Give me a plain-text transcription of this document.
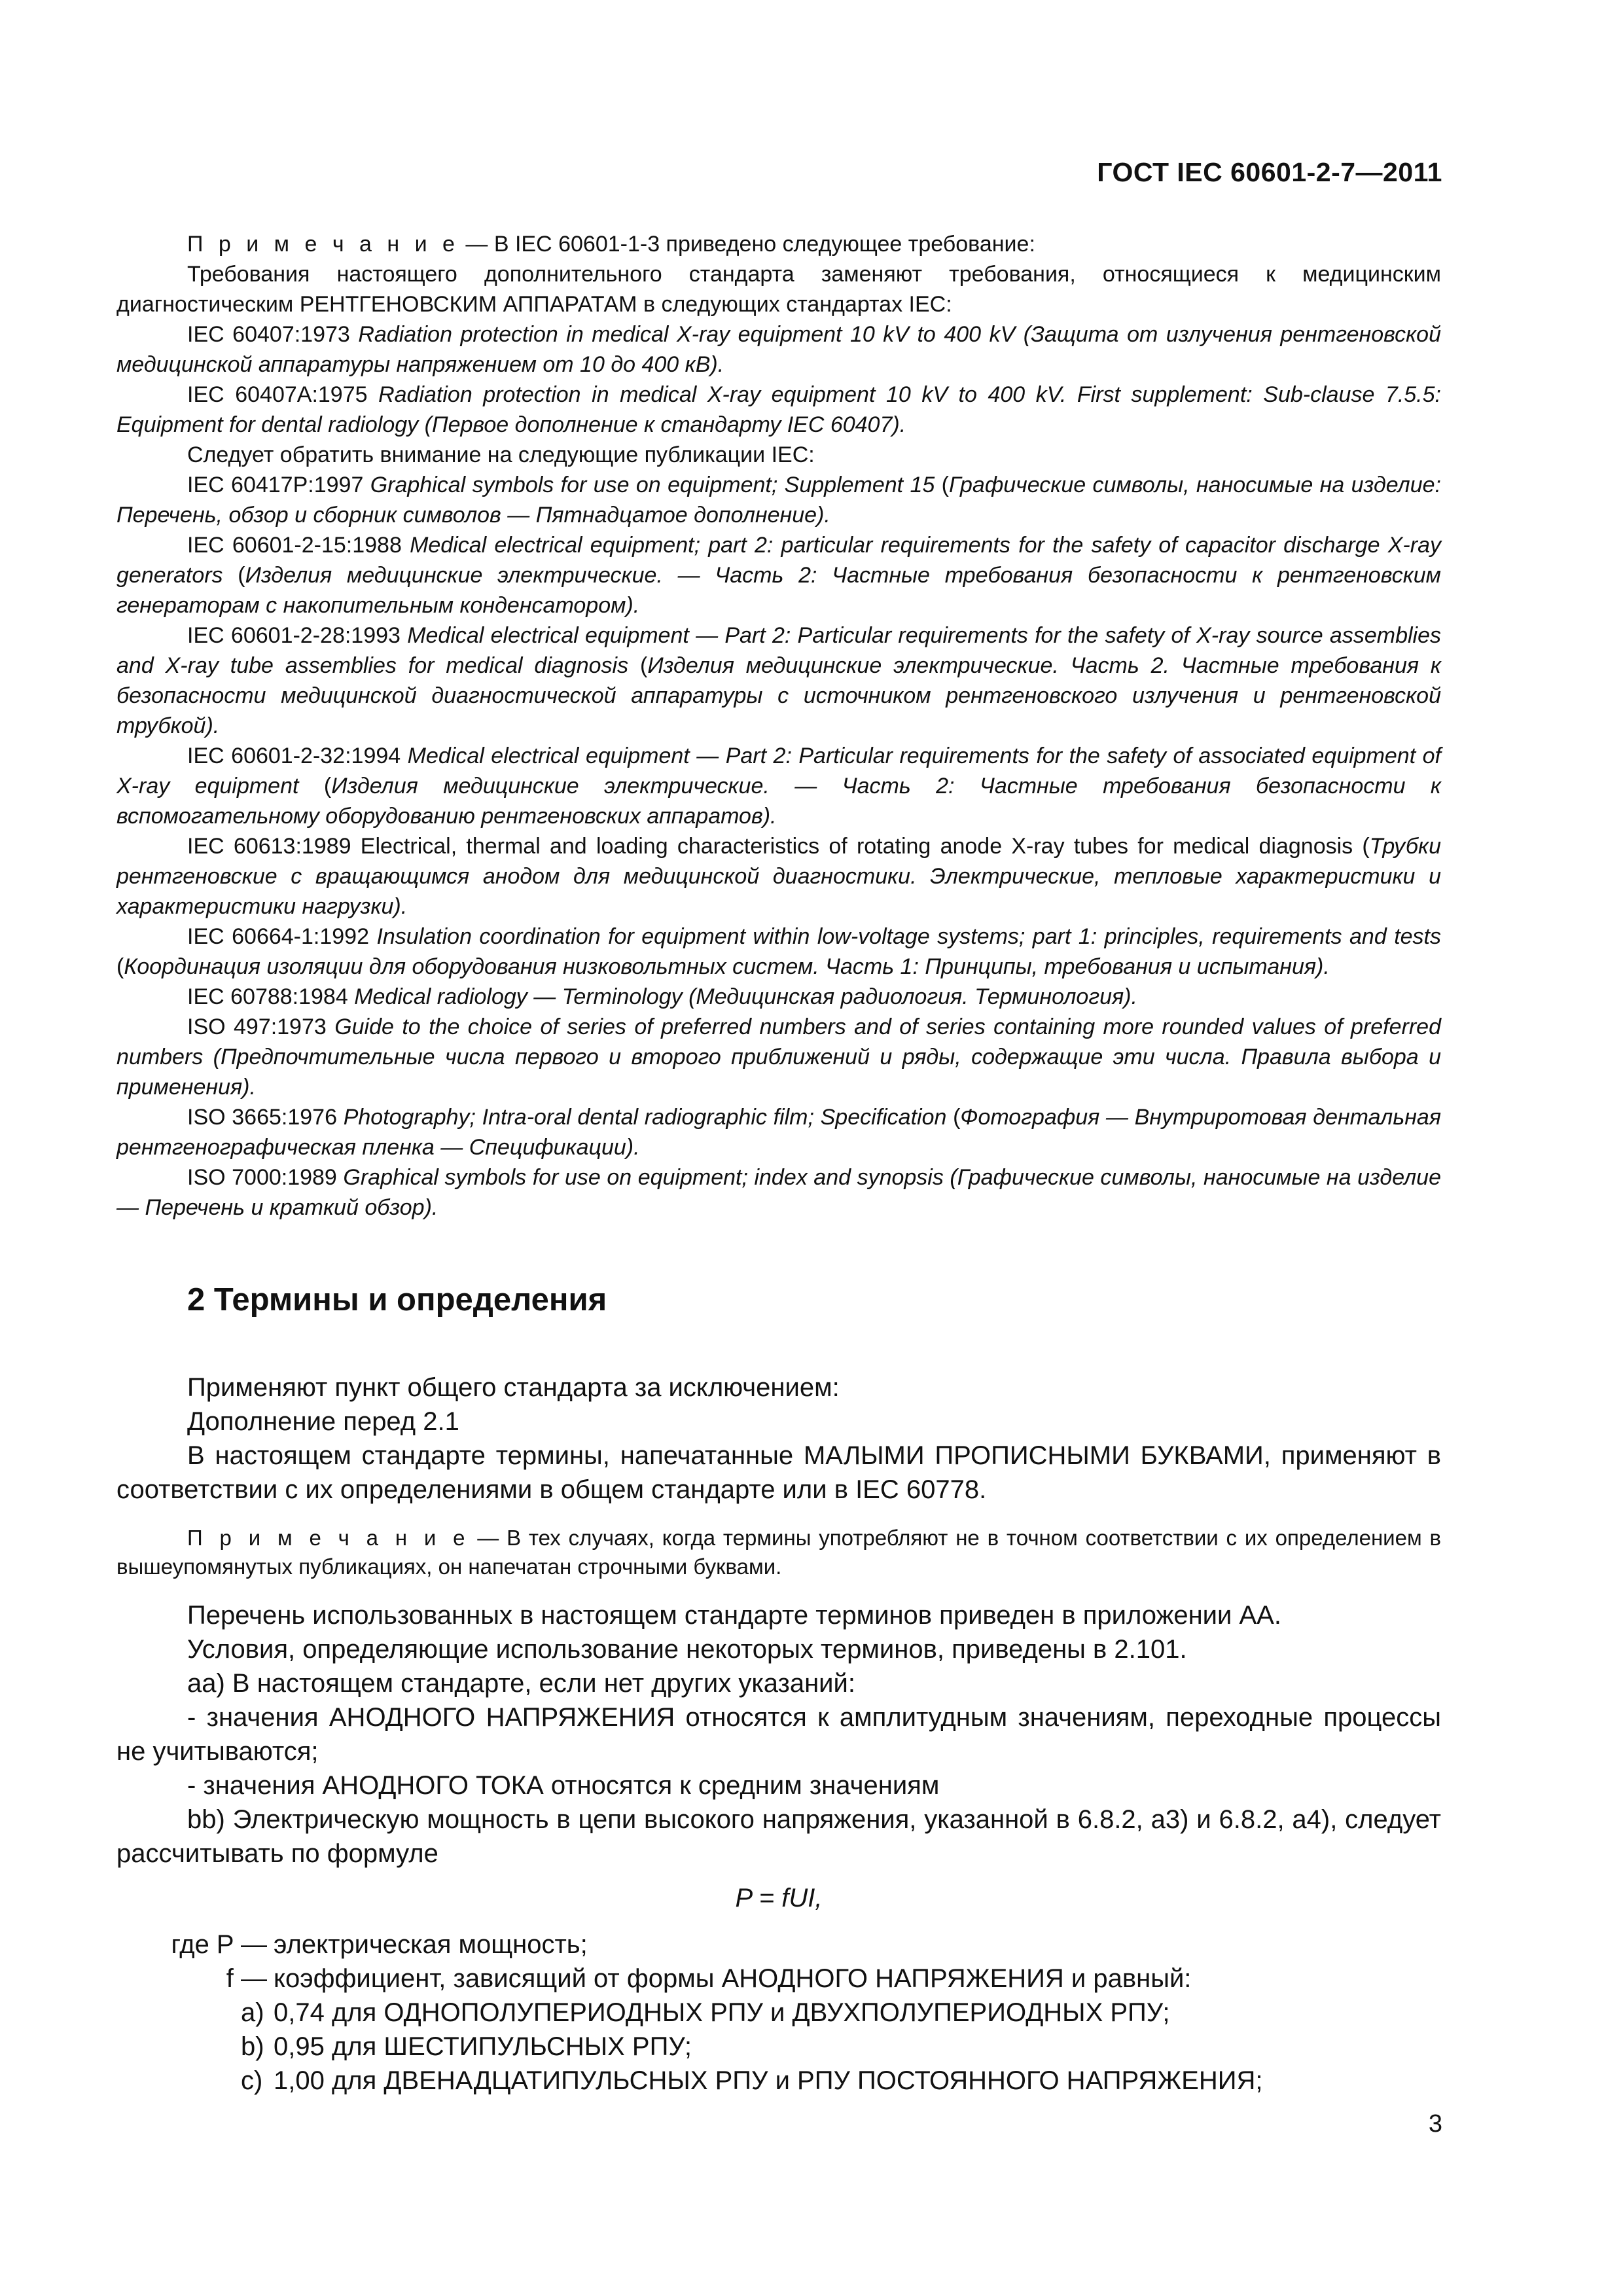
ГОСТ IEC 60601-2-7—2011

П р и м е ч а н и е — В IEC 60601-1-3 приведено следующее требование:

Требования настоящего дополнительного стандарта заменяют требования, относящиеся к медицинским диагностическим РЕНТГЕНОВСКИМ АППАРАТАМ в следующих стандартах IEC:

IEC 60407:1973 Radiation protection in medical X-ray equipment 10 kV to 400 kV (Защита от излучения рентгеновской медицинской аппаратуры напряжением от 10 до 400 кВ).

IEC 60407A:1975 Radiation protection in medical X-ray equipment 10 kV to 400 kV. First supplement: Sub-clause 7.5.5: Equipment for dental radiology (Первое дополнение к стандарту IEC 60407).

Следует обратить внимание на следующие публикации IEC:

IEC 60417P:1997 Graphical symbols for use on equipment; Supplement 15 (Графические символы, наносимые на изделие: Перечень, обзор и сборник символов — Пятнадцатое дополнение).

IEC 60601-2-15:1988 Medical electrical equipment; part 2: particular requirements for the safety of capacitor discharge X-ray generators (Изделия медицинские электрические. — Часть 2: Частные требования безопасности к рентгеновским генераторам с накопительным конденсатором).

IEC 60601-2-28:1993 Medical electrical equipment — Part 2: Particular requirements for the safety of X-ray source assemblies and X-ray tube assemblies for medical diagnosis (Изделия медицинские электрические. Часть 2. Частные требования к безопасности медицинской диагностической аппаратуры с источником рентгеновского излучения и рентгеновской трубкой).

IEC 60601-2-32:1994 Medical electrical equipment — Part 2: Particular requirements for the safety of associated equipment of X-ray equipment (Изделия медицинские электрические. — Часть 2: Частные требования безопасности к вспомогательному оборудованию рентгеновских аппаратов).

IEC 60613:1989 Electrical, thermal and loading characteristics of rotating anode X-ray tubes for medical diagnosis (Трубки рентгеновские с вращающимся анодом для медицинской диагностики. Электрические, тепловые характеристики и характеристики нагрузки).

IEC 60664-1:1992 Insulation coordination for equipment within low-voltage systems; part 1: principles, requirements and tests (Координация изоляции для оборудования низковольтных систем. Часть 1: Принципы, требования и испытания).

IEC 60788:1984 Medical radiology — Terminology (Медицинская радиология. Терминология).

ISO 497:1973 Guide to the choice of series of preferred numbers and of series containing more rounded values of preferred numbers (Предпочтительные числа первого и второго приближений и ряды, содержащие эти числа. Правила выбора и применения).

ISO 3665:1976 Photography; Intra-oral dental radiographic film; Specification (Фотография — Внутриротовая дентальная рентгенографическая пленка — Спецификации).

ISO 7000:1989 Graphical symbols for use on equipment; index and synopsis (Графические символы, наносимые на изделие — Перечень и краткий обзор).

2 Термины и определения

Применяют пункт общего стандарта за исключением:

Дополнение перед 2.1

В настоящем стандарте термины, напечатанные МАЛЫМИ ПРОПИСНЫМИ БУКВАМИ, применяют в соответствии с их определениями в общем стандарте или в IEC 60778.

П р и м е ч а н и е — В тех случаях, когда термины употребляют не в точном соответствии с их определением в вышеупомянутых публикациях, он напечатан строчными буквами.

Перечень использованных в настоящем стандарте терминов приведен в приложении АА.

Условия, определяющие использование некоторых терминов, приведены в 2.101.

аа) В настоящем стандарте, если нет других указаний:

- значения АНОДНОГО НАПРЯЖЕНИЯ относятся к амплитудным значениям, переходные процессы не учитываются;

- значения АНОДНОГО ТОКА относятся к средним значениям

bb) Электрическую мощность в цепи высокого напряжения, указанной в 6.8.2, а3) и 6.8.2, а4), следует рассчитывать по формуле

P = fUI,
где P — электрическая мощность;
f — коэффициент, зависящий от формы АНОДНОГО НАПРЯЖЕНИЯ и равный:
a) 0,74 для ОДНОПОЛУПЕРИОДНЫХ РПУ и ДВУХПОЛУПЕРИОДНЫХ РПУ;
b) 0,95 для ШЕСТИПУЛЬСНЫХ РПУ;
c) 1,00 для ДВЕНАДЦАТИПУЛЬСНЫХ РПУ и РПУ ПОСТОЯННОГО НАПРЯЖЕНИЯ;
3
